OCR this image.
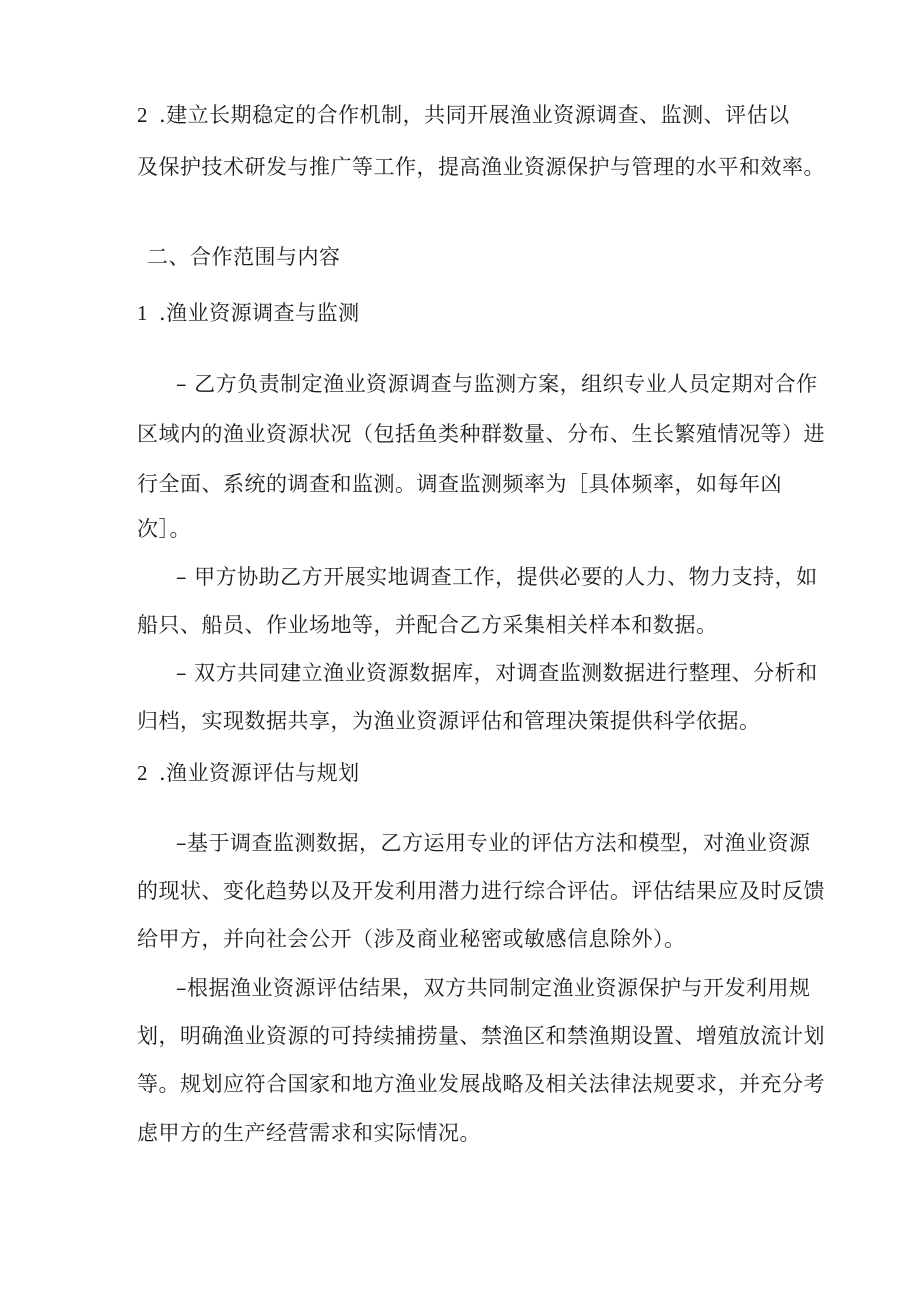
2 .建立长期稳定的合作机制，共同开展渔业资源调查、监测、评估以
及保护技术研发与推广等工作，提高渔业资源保护与管理的水平和效率。
二、合作范围与内容
1 .渔业资源调查与监测
– 乙方负责制定渔业资源调查与监测方案，组织专业人员定期对合作
区域内的渔业资源状况（包括鱼类种群数量、分布、生长繁殖情况等）进
行全面、系统的调查和监测。调查监测频率为［具体频率，如每年凶
次］。
– 甲方协助乙方开展实地调查工作，提供必要的人力、物力支持，如
船只、船员、作业场地等，并配合乙方采集相关样本和数据。
– 双方共同建立渔业资源数据库，对调查监测数据进行整理、分析和
归档，实现数据共享，为渔业资源评估和管理决策提供科学依据。
2 .渔业资源评估与规划
–基于调查监测数据，乙方运用专业的评估方法和模型，对渔业资源
的现状、变化趋势以及开发利用潜力进行综合评估。评估结果应及时反馈
给甲方，并向社会公开（涉及商业秘密或敏感信息除外）。
–根据渔业资源评估结果，双方共同制定渔业资源保护与开发利用规
划，明确渔业资源的可持续捕捞量、禁渔区和禁渔期设置、增殖放流计划
等。规划应符合国家和地方渔业发展战略及相关法律法规要求，并充分考
虑甲方的生产经营需求和实际情况。
